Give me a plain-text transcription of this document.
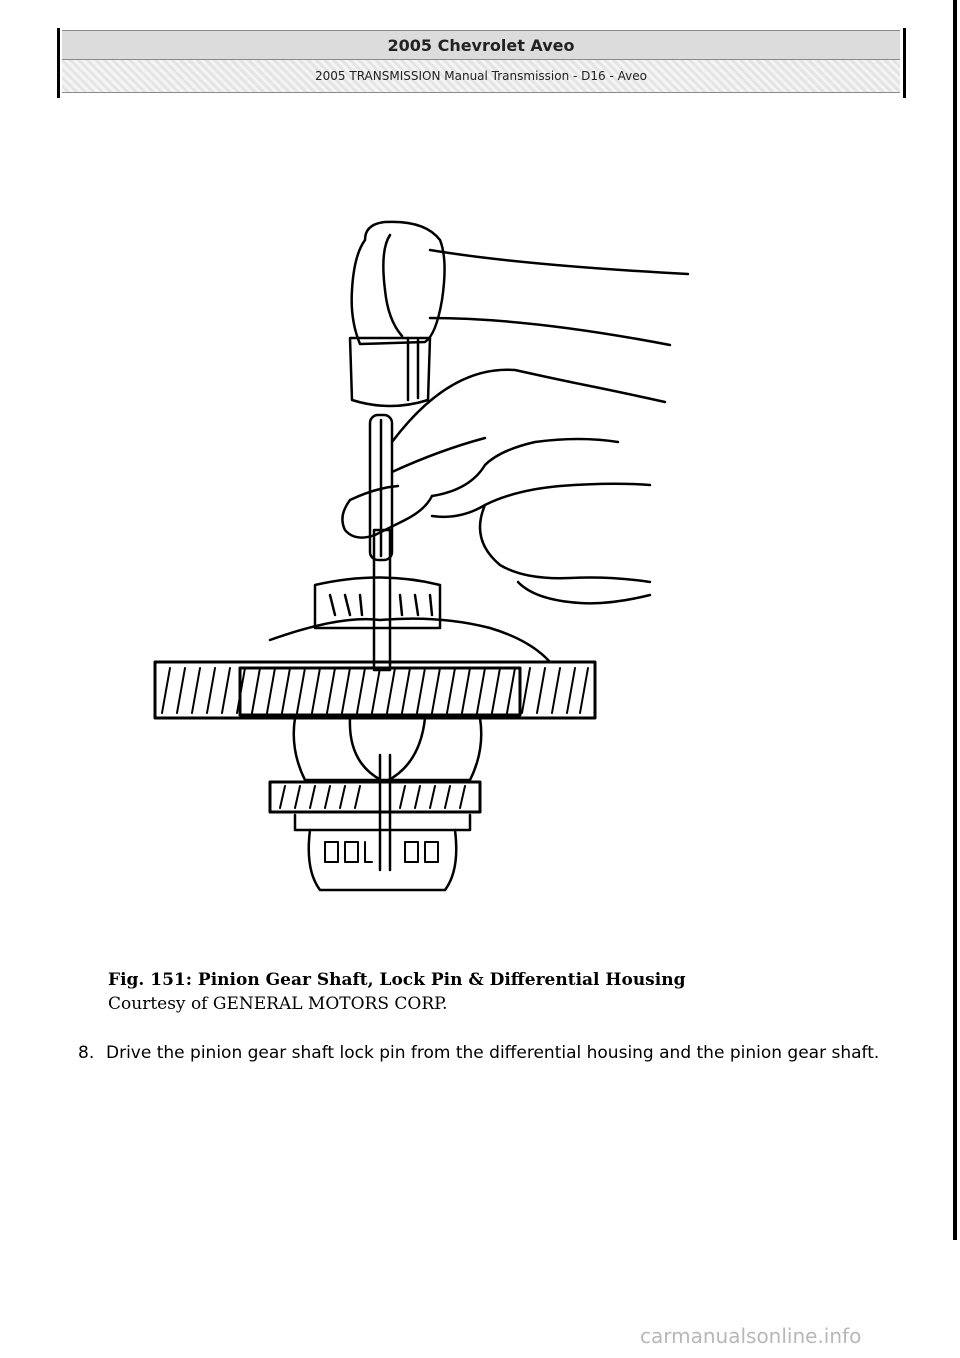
2005 Chevrolet Aveo
2005 TRANSMISSION Manual Transmission - D16 - Aveo
Fig. 151: Pinion Gear Shaft, Lock Pin & Differential Housing
Courtesy of GENERAL MOTORS CORP.
8. Drive the pinion gear shaft lock pin from the differential housing and the pinion gear shaft.
carmanualsonline.info
